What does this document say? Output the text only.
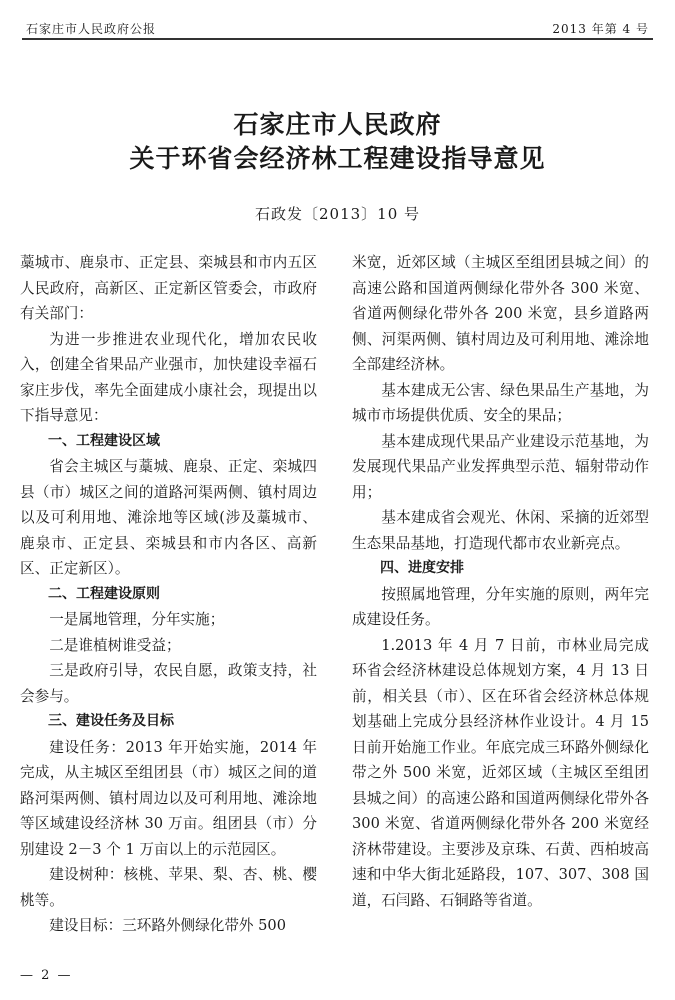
石家庄市人民政府公报	2013 年第 4 号
石家庄市人民政府
关于环省会经济林工程建设指导意见
石政发〔2013〕10 号

藁城市、鹿泉市、正定县、栾城县和市内五区人民政府，高新区、正定新区管委会，市政府有关部门：

为进一步推进农业现代化，增加农民收入，创建全省果品产业强市，加快建设幸福石家庄步伐，率先全面建成小康社会，现提出以下指导意见：

一、工程建设区域

省会主城区与藁城、鹿泉、正定、栾城四县（市）城区之间的道路河渠两侧、镇村周边以及可利用地、滩涂地等区域(涉及藁城市、鹿泉市、正定县、栾城县和市内各区、高新区、正定新区）。

二、工程建设原则

一是属地管理，分年实施；

二是谁植树谁受益；

三是政府引导，农民自愿，政策支持，社会参与。

三、建设任务及目标

建设任务：2013 年开始实施，2014 年完成，从主城区至组团县（市）城区之间的道路河渠两侧、镇村周边以及可利用地、滩涂地等区域建设经济林 30 万亩。组团县（市）分别建设 2－3 个 1 万亩以上的示范园区。

建设树种：核桃、苹果、梨、杏、桃、樱桃等。

建设目标：三环路外侧绿化带外 500

米宽，近郊区域（主城区至组团县城之间）的高速公路和国道两侧绿化带外各 300 米宽、省道两侧绿化带外各 200 米宽，县乡道路两侧、河渠两侧、镇村周边及可利用地、滩涂地全部建经济林。

基本建成无公害、绿色果品生产基地，为城市市场提供优质、安全的果品；

基本建成现代果品产业建设示范基地，为发展现代果品产业发挥典型示范、辐射带动作用；

基本建成省会观光、休闲、采摘的近郊型生态果品基地，打造现代都市农业新亮点。

四、进度安排

按照属地管理，分年实施的原则，两年完成建设任务。

1.2013 年 4 月 7 日前，市林业局完成环省会经济林建设总体规划方案，4 月 13 日前，相关县（市）、区在环省会经济林总体规划基础上完成分县经济林作业设计。4 月 15 日前开始施工作业。年底完成三环路外侧绿化带之外 500 米宽，近郊区域（主城区至组团县城之间）的高速公路和国道两侧绿化带外各 300 米宽、省道两侧绿化带外各 200 米宽经济林带建设。主要涉及京珠、石黄、西柏坡高速和中华大街北延路段，107、307、308 国道，石闫路、石铜路等省道。

— 2 —
